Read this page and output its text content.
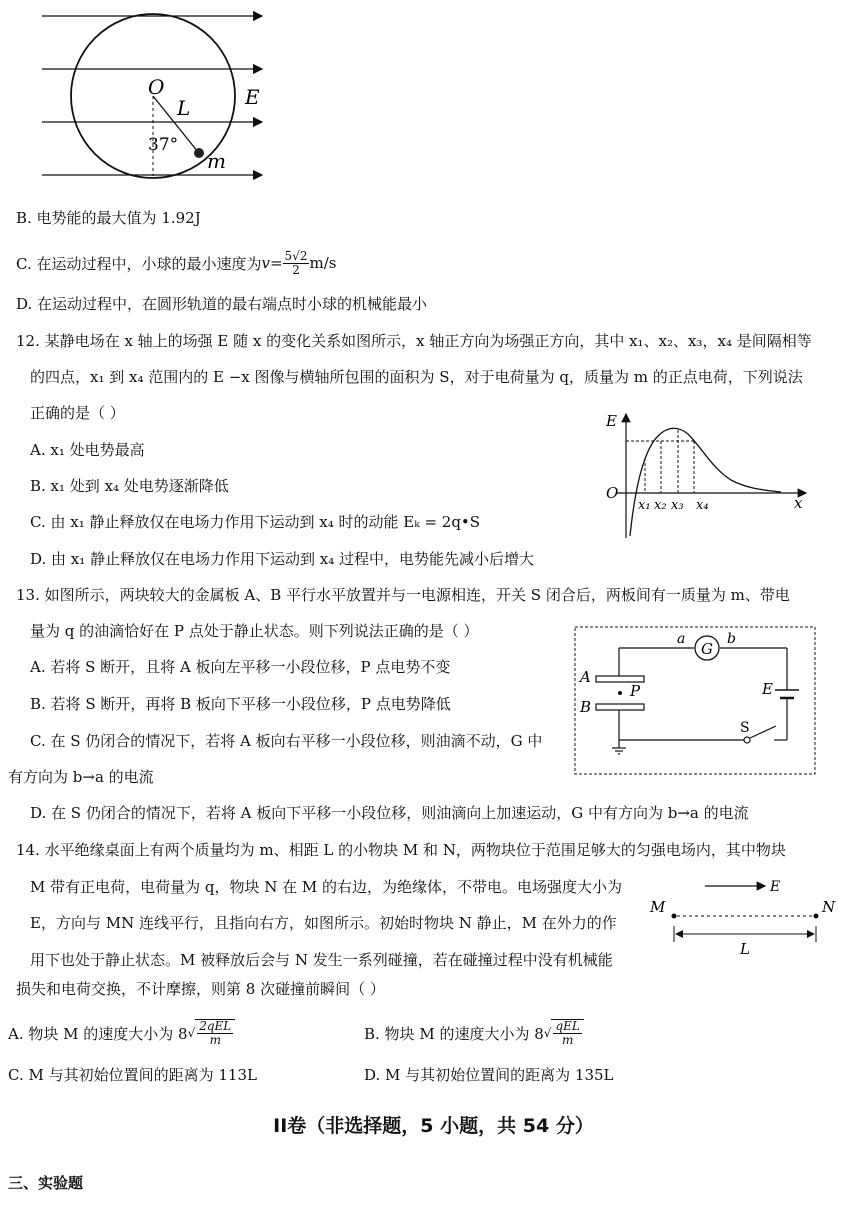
O
L	E
37°
m
B. 电势能的最大值为 1.92J
C. 在运动过程中，小球的最小速度为 $v = \frac{5√2}{2} m/s$
D. 在运动过程中，在圆形轨道的最右端点时小球的机械能最小
12. 某静电场在 x 轴上的场强 E 随 x 的变化关系如图所示，x 轴正方向为场强正方向，其中 x₁、x₂、x₃，x₄ 是间隔相等
的四点，x₁ 到 x₄ 范围内的 E −x 图像与横轴所包围的面积为 S，对于电荷量为 q，质量为 m 的正点电荷，下列说法
正确的是（ ）
A. x₁ 处电势最高
B. x₁ 处到 x₄ 处电势逐渐降低
C. 由 x₁ 静止释放仅在电场力作用下运动到 x₄ 时的动能 Eₖ = 2q•S
D. 由 x₁ 静止释放仅在电场力作用下运动到 x₄ 过程中，电势能先减小后增大
E
O
x
x₁ x₂ x₃ x₄
13. 如图所示，两块较大的金属板 A、B 平行水平放置并与一电源相连，开关 S 闭合后，两板间有一质量为 m、带电
量为 q 的油滴恰好在 P 点处于静止状态。则下列说法正确的是（ ）
A. 若将 S 断开，且将 A 板向左平移一小段位移，P 点电势不变
B. 若将 S 断开，再将 B 板向下平移一小段位移，P 点电势降低
C. 在 S 仍闭合的情况下，若将 A 板向右平移一小段位移，则油滴不动，G 中
有方向为 b→a 的电流
D. 在 S 仍闭合的情况下，若将 A 板向下平移一小段位移，则油滴向上加速运动，G 中有方向为 b→a 的电流
G
a	b
A
B
P
S
E
14. 水平绝缘桌面上有两个质量均为 m、相距 L 的小物块 M 和 N，两物块位于范围足够大的匀强电场内，其中物块
M 带有正电荷，电荷量为 q，物块 N 在 M 的右边，为绝缘体，不带电。电场强度大小为
E，方向与 MN 连线平行，且指向右方，如图所示。初始时物块 N 静止，M 在外力的作
用下也处于静止状态。M 被释放后会与 N 发生一系列碰撞，若在碰撞过程中没有机械能
损失和电荷交换，不计摩擦，则第 8 次碰撞前瞬间（ ）
E
M	N
L
A. 物块 M 的速度大小为 8 √ $\frac{\text{2qEL}}{m}$	B. 物块 M 的速度大小为 8 √ $\frac{\text{qEL}}{m}$
C. M 与其初始位置间的距离为 113L	D. M 与其初始位置间的距离为 135L
II卷（非选择题，5 小题，共 54 分）
三、实验题
